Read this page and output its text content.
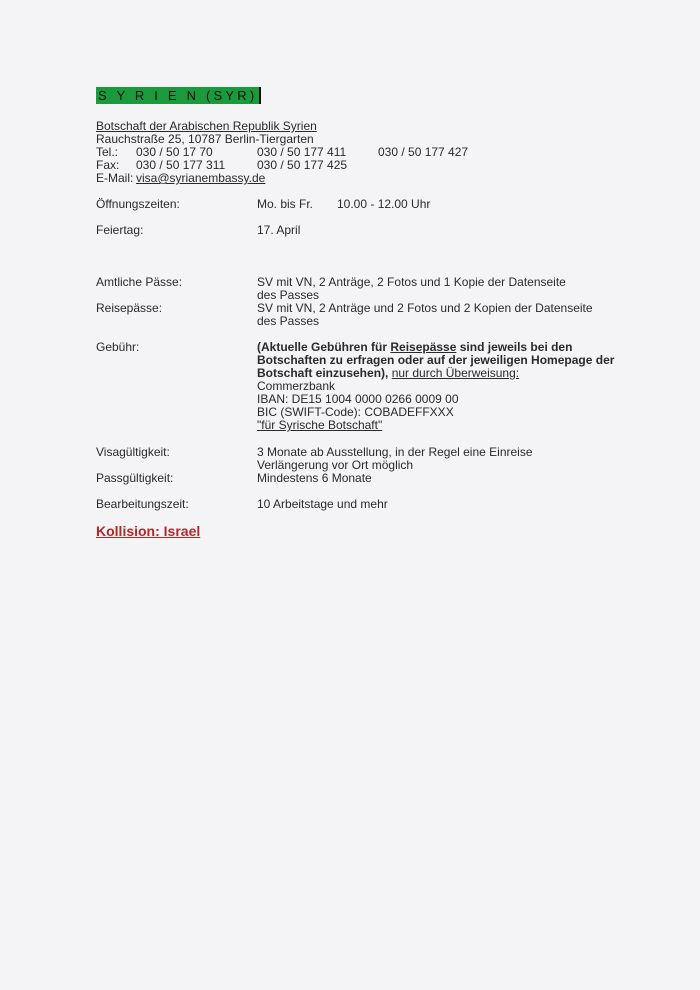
S Y R I E N (SYR)
Botschaft der Arabischen Republik Syrien
Rauchstraße 25, 10787 Berlin-Tiergarten
Tel.: 030 / 50 17 70	030 / 50 177 411	030 / 50 177 427
Fax: 030 / 50 177 311	030 / 50 177 425
E-Mail: visa@syrianembassy.de
Öffnungszeiten:	Mo. bis Fr. 10.00 - 12.00 Uhr
Feiertag:	17. April
Amtliche Pässe:	SV mit VN, 2 Anträge, 2 Fotos und 1 Kopie der Datenseite
des Passes
Reisepässe:	SV mit VN, 2 Anträge und 2 Fotos und 2 Kopien der Datenseite
des Passes
Gebühr:	(Aktuelle Gebühren für Reisepässe sind jeweils bei den
Botschaften zu erfragen oder auf der jeweiligen Homepage der
Botschaft einzusehen), nur durch Überweisung:
Commerzbank
IBAN: DE15 1004 0000 0266 0009 00
BIC (SWIFT-Code): COBADEFFXXX
"für Syrische Botschaft"
Visagültigkeit:	3 Monate ab Ausstellung, in der Regel eine Einreise
Verlängerung vor Ort möglich
Passgültigkeit:	Mindestens 6 Monate
Bearbeitungszeit:	10 Arbeitstage und mehr
Kollision: Israel
